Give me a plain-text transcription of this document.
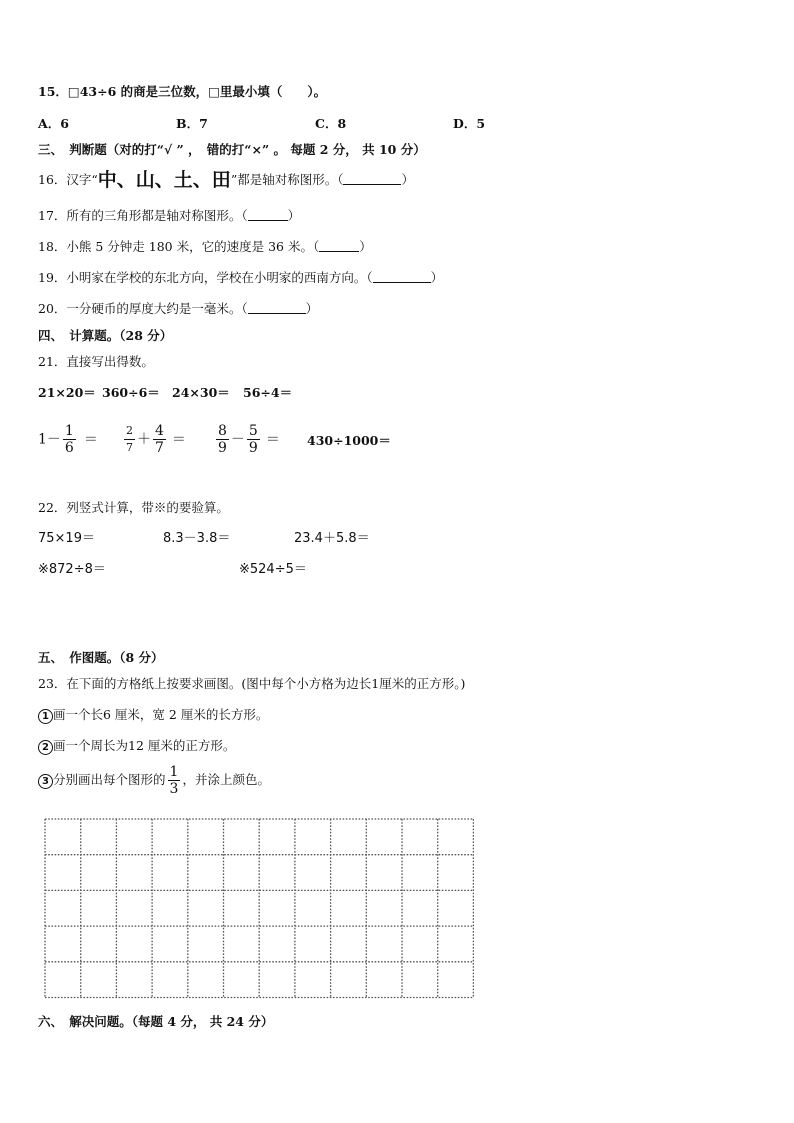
15．□43÷6 的商是三位数，□里最小填（　　）。
A．6	B．7	C．8	D．5
三、　判断题（对的打“√ ” ，　错的打“×” 。 每题 2 分， 共 10 分）
16．汉字“中、山、土、田”都是轴对称图形。（	）
17．所有的三角形都是轴对称图形。（	）
18．小熊 5 分钟走 180 米，它的速度是 36 米。（	）
19．小明家在学校的东北方向，学校在小明家的西南方向。（	）
20．一分硬币的厚度大约是一毫米。（	）
四、　计算题。（28 分）
21．直接写出得数。
21×20＝ 360÷6＝ 24×30＝ 56÷4＝
$1- \frac{1}{6} = \frac{2}{7} + \frac{4}{7} = \frac{8}{9} - \frac{5}{9} = 430\div 1000=$
22．列竖式计算，带※的要验算。
75×19＝	8.3－3.8＝	23.4＋5.8＝
※872÷8＝	※524÷5＝
五、　作图题。（8 分）
23．在下面的方格纸上按要求画图。(图中每个小方格为边长1厘米的正方形。)
1 画一个长6 厘米，宽 2 厘米的长方形。
2 画一个周长为12 厘米的正方形。
3 分别画出每个图形的 $\frac{1}{3}$ ，并涂上颜色。
六、　解决问题。（每题 4 分， 共 24 分）
